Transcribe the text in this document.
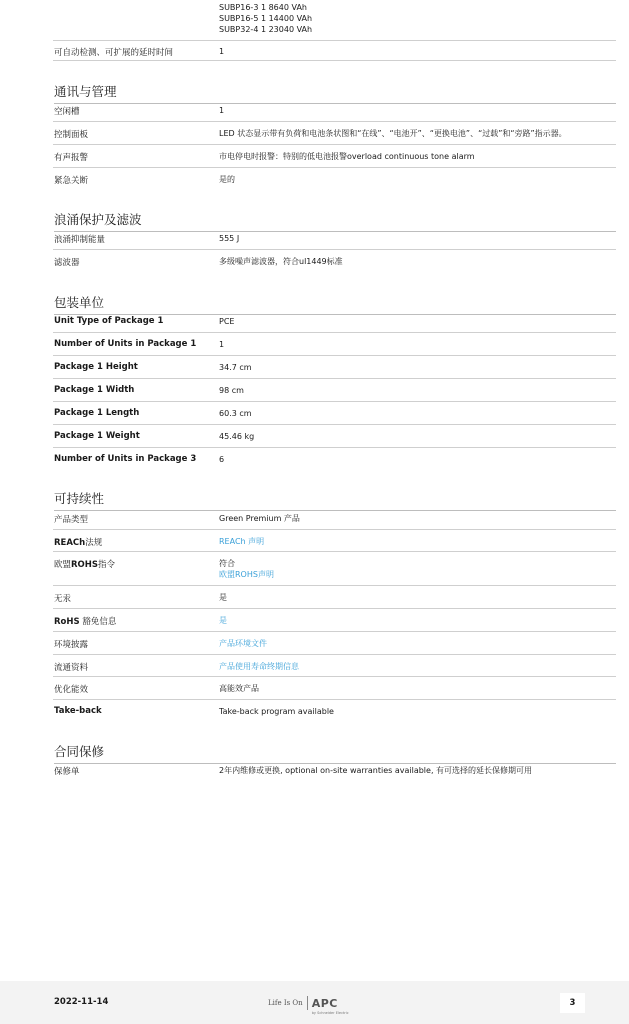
SUBP16-3 1 8640 VAh
SUBP16-5 1 14400 VAh
SUBP32-4 1 23040 VAh
可自动检测、可扩展的延时时间	1
通讯与管理
空闲槽	1
控制面板	LED 状态显示带有负荷和电池条状图和“在线”、“电池开”、“更换电池”、“过载”和“旁路”指示器。
有声报警	市电停电时报警：特别的低电池报警overload continuous tone alarm
紧急关断	是的
浪涌保护及滤波
浪涌抑制能量	555 J
滤波器	多级噪声滤波器，符合ul1449标准
包装单位
Unit Type of Package 1	PCE
Number of Units in Package 1	1
Package 1 Height	34.7 cm
Package 1 Width	98 cm
Package 1 Length	60.3 cm
Package 1 Weight	45.46 kg
Number of Units in Package 3	6
可持续性
产品类型	Green Premium 产品
REACh法规	REACh 声明
欧盟ROHS指令	符合
欧盟ROHS声明
无汞	是
RoHS 豁免信息	是
环境披露	产品环境文件
流通资料	产品使用寿命终期信息
优化能效	高能效产品
Take-back	Take-back program available
合同保修
保修单	2年内维修或更换, optional on-site warranties available, 有可选择的延长保修期可用
2022-11-14	Life Is On APC
by Schneider Electric
3
